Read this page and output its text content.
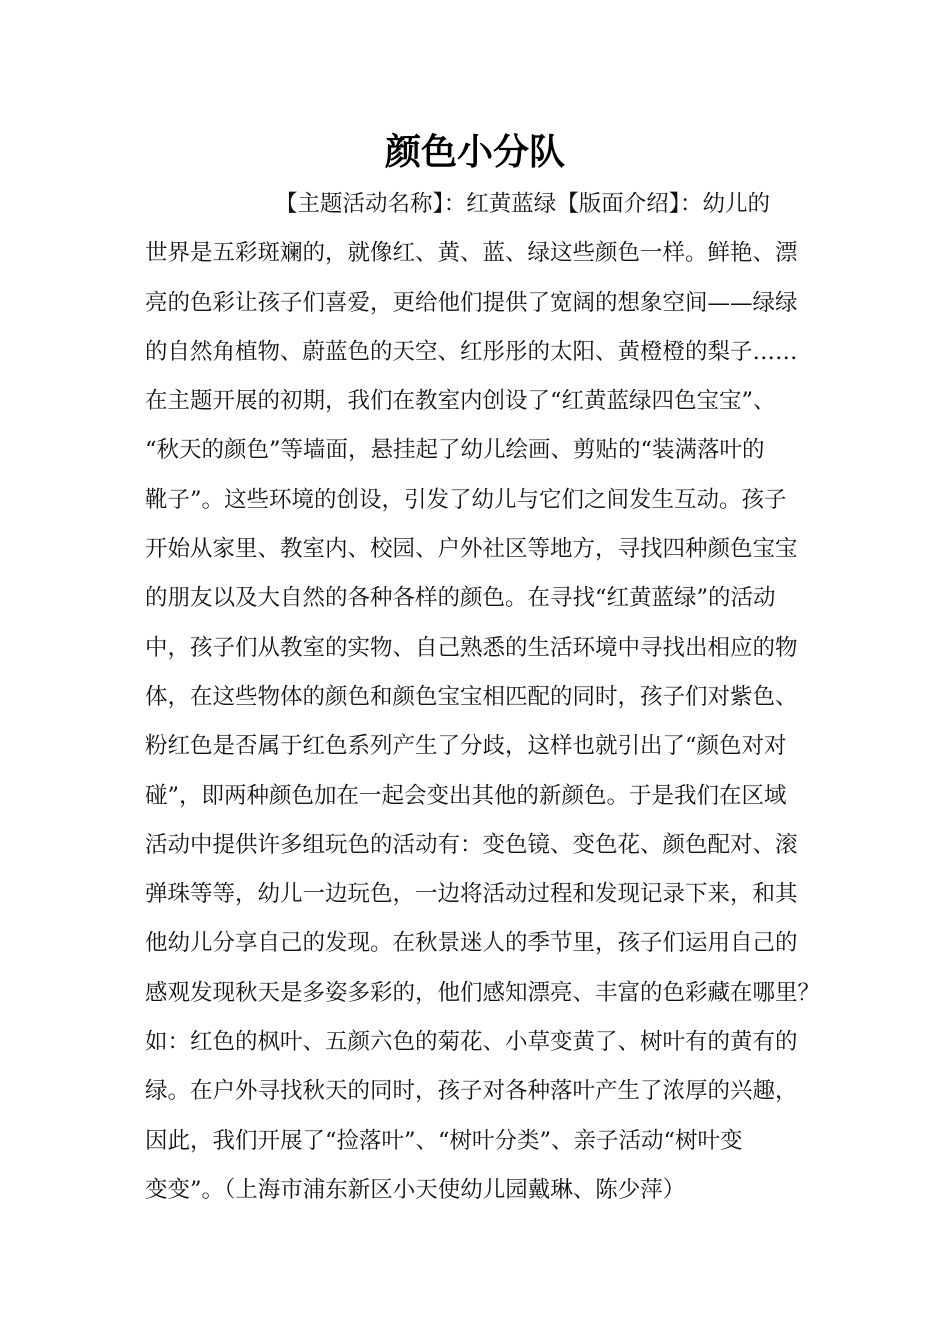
颜色小分队
【主题活动名称】：红黄蓝绿【版面介绍】：幼儿的
世界是五彩斑斓的，就像红、黄、蓝、绿这些颜色一样。鲜艳、漂
亮的色彩让孩子们喜爱，更给他们提供了宽阔的想象空间——绿绿
的自然角植物、蔚蓝色的天空、红彤彤的太阳、黄橙橙的梨子……
在主题开展的初期，我们在教室内创设了“红黄蓝绿四色宝宝”、
“秋天的颜色”等墙面，悬挂起了幼儿绘画、剪贴的“装满落叶的
靴子”。这些环境的创设，引发了幼儿与它们之间发生互动。孩子
开始从家里、教室内、校园、户外社区等地方，寻找四种颜色宝宝
的朋友以及大自然的各种各样的颜色。在寻找“红黄蓝绿”的活动
中，孩子们从教室的实物、自己熟悉的生活环境中寻找出相应的物
体，在这些物体的颜色和颜色宝宝相匹配的同时，孩子们对紫色、
粉红色是否属于红色系列产生了分歧，这样也就引出了“颜色对对
碰”，即两种颜色加在一起会变出其他的新颜色。于是我们在区域
活动中提供许多组玩色的活动有：变色镜、变色花、颜色配对、滚
弹珠等等，幼儿一边玩色，一边将活动过程和发现记录下来，和其
他幼儿分享自己的发现。在秋景迷人的季节里，孩子们运用自己的
感观发现秋天是多姿多彩的，他们感知漂亮、丰富的色彩藏在哪里？
如：红色的枫叶、五颜六色的菊花、小草变黄了、树叶有的黄有的
绿。在户外寻找秋天的同时，孩子对各种落叶产生了浓厚的兴趣，
因此，我们开展了“捡落叶”、“树叶分类”、亲子活动“树叶变
变变”。（上海市浦东新区小天使幼儿园戴琳、陈少萍）
